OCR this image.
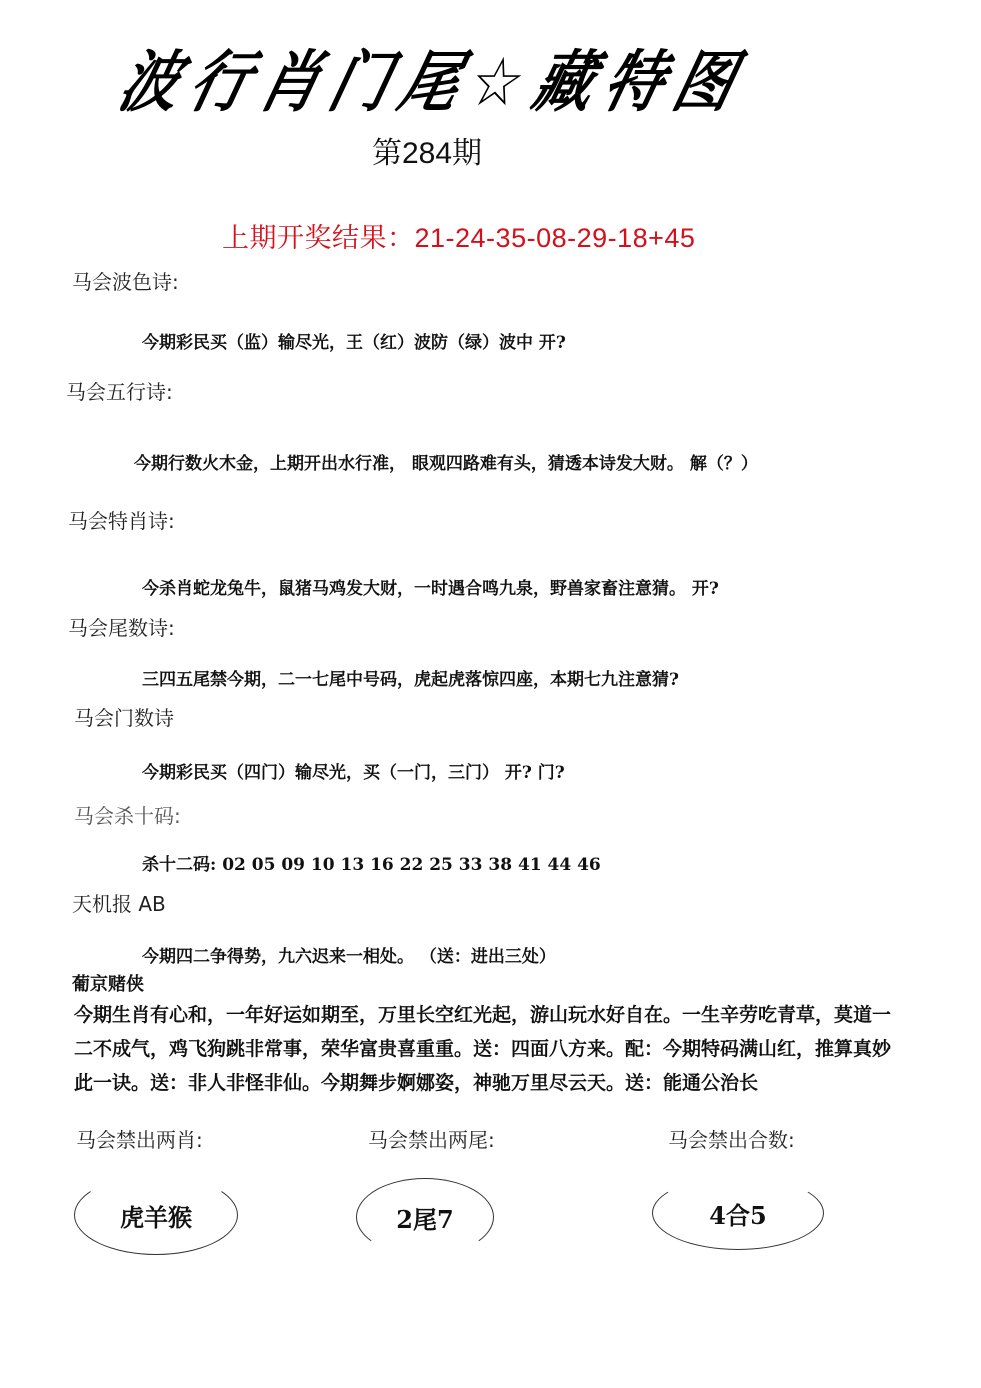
波行肖门尾☆藏特图
第284期
上期开奖结果：21-24-35-08-29-18+45
马会波色诗:
今期彩民买（监）输尽光，王（红）波防（绿）波中 开?
马会五行诗:
今期行数火木金，上期开出水行准， 眼观四路难有头，猜透本诗发大财。 解（？）
马会特肖诗:
今杀肖蛇龙兔牛，鼠猪马鸡发大财，一时遇合鸣九泉，野兽家畜注意猜。 开?
马会尾数诗:
三四五尾禁今期，二一七尾中号码，虎起虎落惊四座，本期七九注意猜?
马会门数诗
今期彩民买（四门）输尽光，买（一门，三门） 开? 门?
马会杀十码:
杀十二码: 02 05 09 10 13 16 22 25 33 38 41 44 46
天机报 AB
今期四二争得势，九六迟来一相处。 （送：进出三处）
葡京赌侠
今期生肖有心和，一年好运如期至，万里长空红光起，游山玩水好自在。一生辛劳吃青草，莫道一二不成气，鸡飞狗跳非常事，荣华富贵喜重重。送：四面八方来。配：今期特码满山红，推算真妙此一诀。送：非人非怪非仙。今期舞步婀娜姿，神驰万里尽云天。送：能通公治长
马会禁出两肖:	马会禁出两尾:	马会禁出合数:
虎羊猴	2尾7	4合5
